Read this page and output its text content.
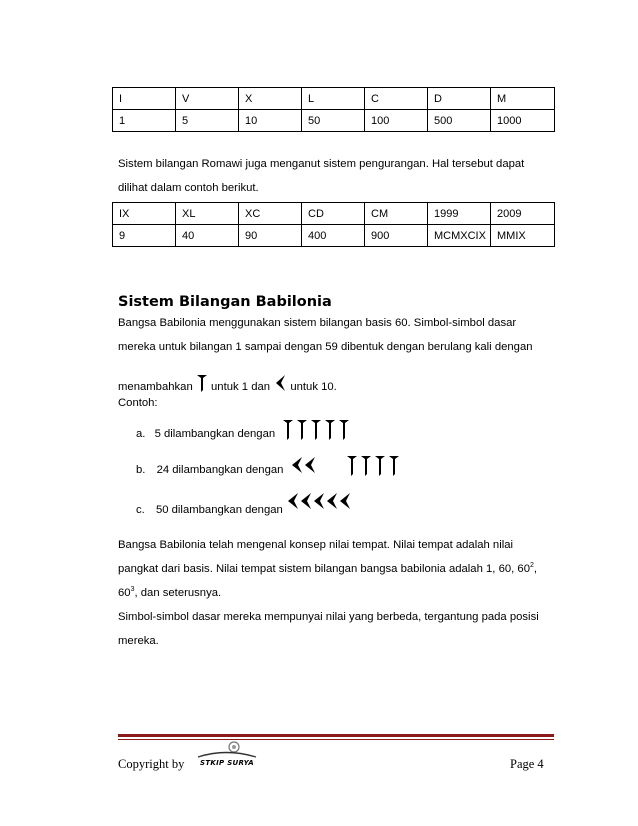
I	V	X	L	C	D	M
1	5	10	50	100	500	1000
Sistem bilangan Romawi juga menganut sistem pengurangan. Hal tersebut dapat
dilihat dalam contoh berikut.
IX	XL	XC	CD	CM	1999	2009
9	40	90	400	900	MCMXCIX	MMIX
Sistem Bilangan Babilonia
Bangsa Babilonia menggunakan sistem bilangan basis 60. Simbol-simbol dasar
mereka untuk bilangan 1 sampai dengan 59 dibentuk dengan berulang kali dengan
menambahkan untuk 1 dan untuk 10.
Contoh:
a. 5 dilambangkan dengan
b. 24 dilambangkan dengan
c. 50 dilambangkan dengan
Bangsa Babilonia telah mengenal konsep nilai tempat. Nilai tempat adalah nilai
pangkat dari basis. Nilai tempat sistem bilangan bangsa babilonia adalah 1, 60, $60^2$,
$60^3$, dan seterusnya.
Simbol-simbol dasar mereka mempunyai nilai yang berbeda, tergantung pada posisi
mereka.
Copyright by STKIP SURYA	Page 4
